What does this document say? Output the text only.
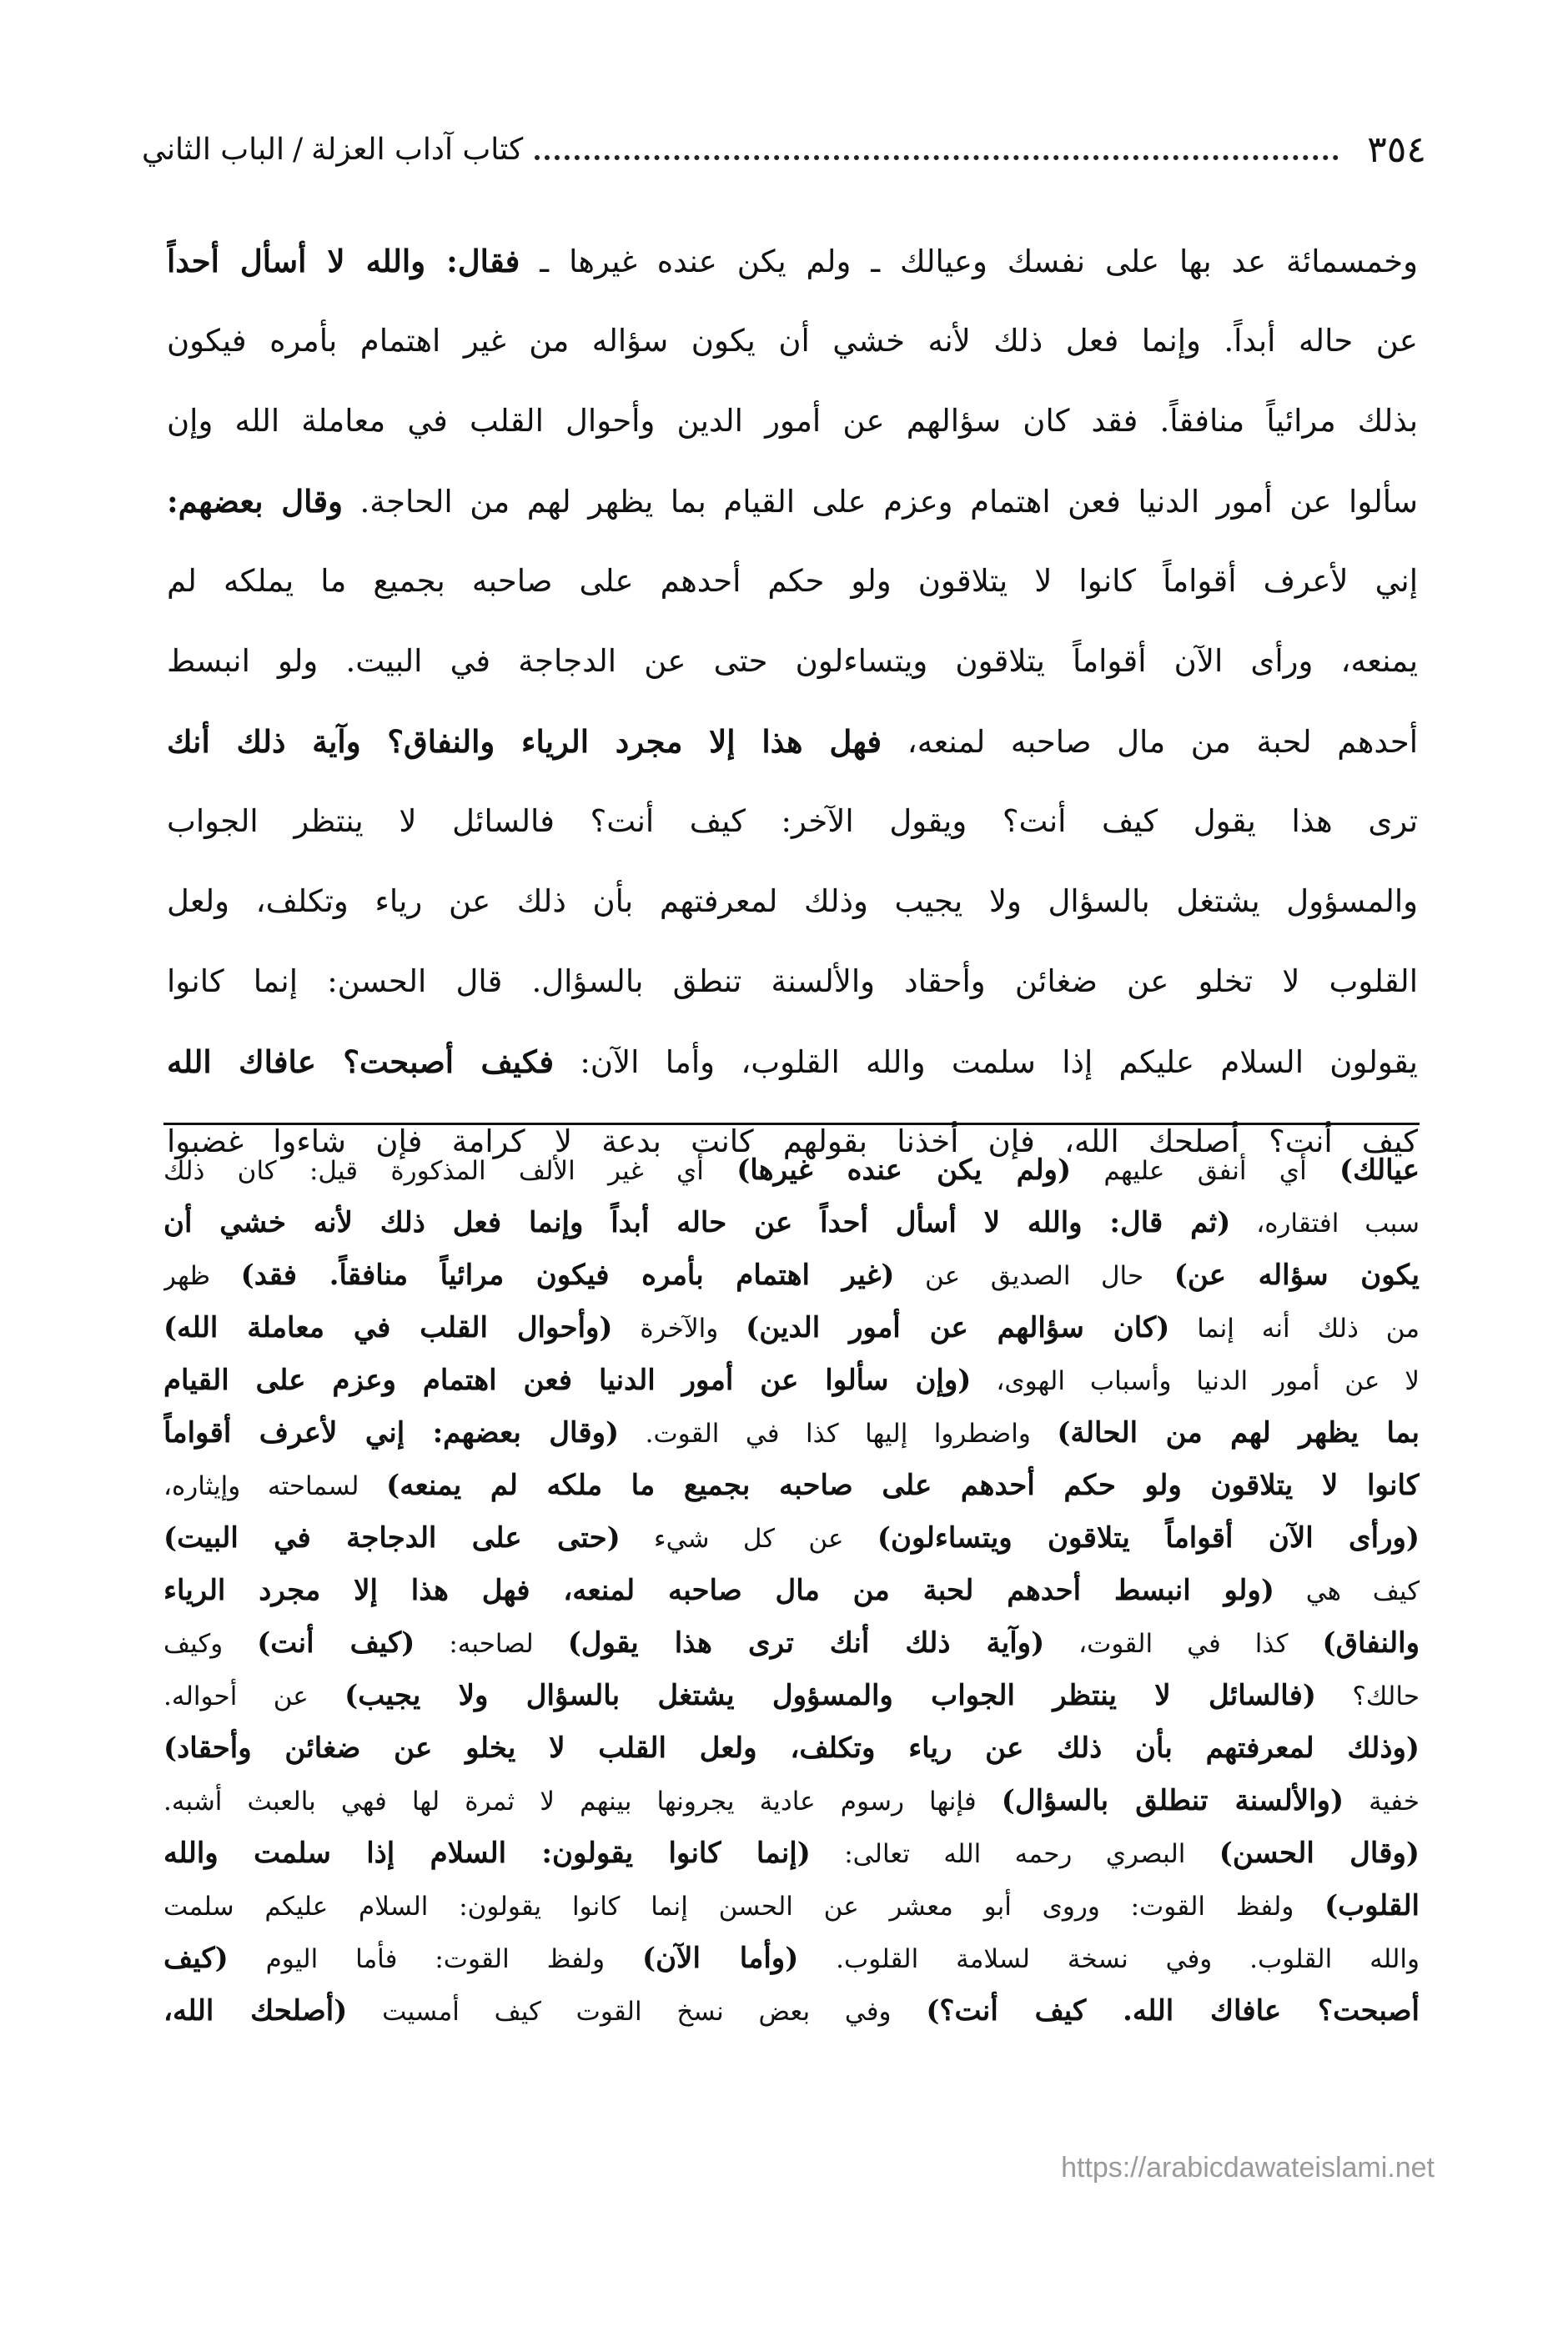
٣٥٤
كتاب آداب العزلة/الباب الثاني
وخمسمائة عد بها على نفسك وعيالك ـ ولم يكن عنده غيرها ـ فقال: والله لا أسأل أحداً
عن حاله أبداً. وإنما فعل ذلك لأنه خشي أن يكون سؤاله من غير اهتمام بأمره فيكون
بذلك مرائياً منافقاً. فقد كان سؤالهم عن أمور الدين وأحوال القلب في معاملة الله وإن
سألوا عن أمور الدنيا فعن اهتمام وعزم على القيام بما يظهر لهم من الحاجة. وقال بعضهم:
إني لأعرف أقواماً كانوا لا يتلاقون ولو حكم أحدهم على صاحبه بجميع ما يملكه لم
يمنعه، ورأى الآن أقواماً يتلاقون ويتساءلون حتى عن الدجاجة في البيت. ولو انبسط
أحدهم لحبة من مال صاحبه لمنعه، فهل هذا إلا مجرد الرياء والنفاق؟ وآية ذلك أنك
ترى هذا يقول كيف أنت؟ ويقول الآخر: كيف أنت؟ فالسائل لا ينتظر الجواب
والمسؤول يشتغل بالسؤال ولا يجيب وذلك لمعرفتهم بأن ذلك عن رياء وتكلف، ولعل
القلوب لا تخلو عن ضغائن وأحقاد والألسنة تنطق بالسؤال. قال الحسن: إنما كانوا
يقولون السلام عليكم إذا سلمت والله القلوب، وأما الآن: فكيف أصبحت؟ عافاك الله
كيف أنت؟ أصلحك الله، فإن أخذنا بقولهم كانت بدعة لا كرامة فإن شاءوا غضبوا
عيالك) أي أنفق عليهم (ولم يكن عنده غيرها) أي غير الألف المذكورة قيل: كان ذلك
سبب افتقاره، (ثم قال: والله لا أسأل أحداً عن حاله أبداً وإنما فعل ذلك لأنه خشي أن
يكون سؤاله عن) حال الصديق عن (غير اهتمام بأمره فيكون مرائياً منافقاً. فقد) ظهر
من ذلك أنه إنما (كان سؤالهم عن أمور الدين) والآخرة (وأحوال القلب في معاملة الله)
لا عن أمور الدنيا وأسباب الهوى، (وإن سألوا عن أمور الدنيا فعن اهتمام وعزم على القيام
بما يظهر لهم من الحالة) واضطروا إليها كذا في القوت. (وقال بعضهم: إني لأعرف أقواماً
كانوا لا يتلاقون ولو حكم أحدهم على صاحبه بجميع ما ملكه لم يمنعه) لسماحته وإيثاره،
(ورأى الآن أقواماً يتلاقون ويتساءلون) عن كل شيء (حتى على الدجاجة في البيت)
كيف هي (ولو انبسط أحدهم لحبة من مال صاحبه لمنعه، فهل هذا إلا مجرد الرياء
والنفاق) كذا في القوت، (وآية ذلك أنك ترى هذا يقول) لصاحبه: (كيف أنت) وكيف
حالك؟ (فالسائل لا ينتظر الجواب والمسؤول يشتغل بالسؤال ولا يجيب) عن أحواله.
(وذلك لمعرفتهم بأن ذلك عن رياء وتكلف، ولعل القلب لا يخلو عن ضغائن وأحقاد)
خفية (والألسنة تنطلق بالسؤال) فإنها رسوم عادية يجرونها بينهم لا ثمرة لها فهي بالعبث أشبه.
(وقال الحسن) البصري رحمه الله تعالى: (إنما كانوا يقولون: السلام إذا سلمت والله
القلوب) ولفظ القوت: وروى أبو معشر عن الحسن إنما كانوا يقولون: السلام عليكم سلمت
والله القلوب. وفي نسخة لسلامة القلوب. (وأما الآن) ولفظ القوت: فأما اليوم (كيف
أصبحت؟ عافاك الله. كيف أنت؟) وفي بعض نسخ القوت كيف أمسيت (أصلحك الله،
https://arabicdawateislami.net
